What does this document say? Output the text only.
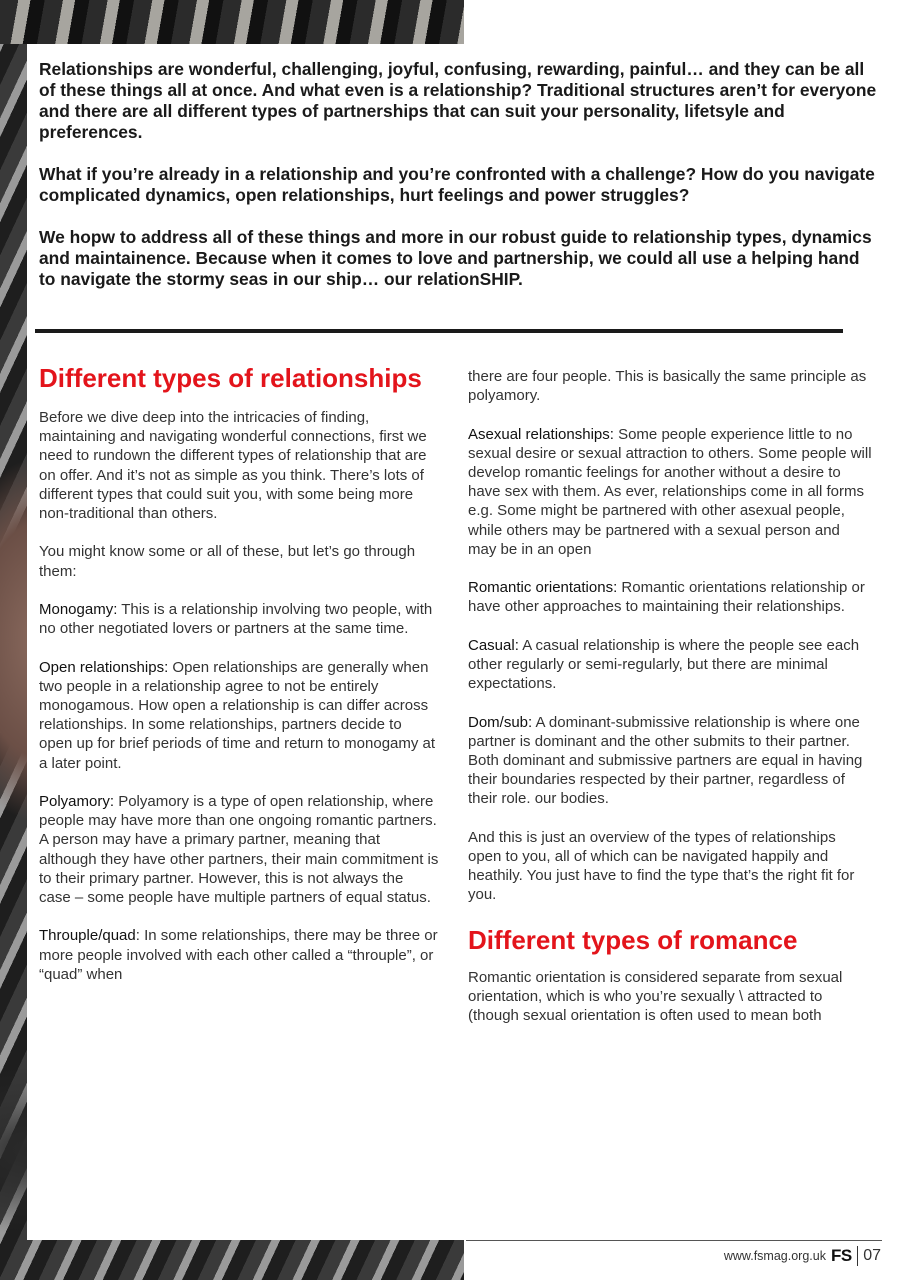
Relationships are wonderful, challenging, joyful, confusing, rewarding, painful… and they can be all of these things all at once. And what even is a relationship? Traditional structures aren’t for everyone and there are all different types of partnerships that can suit your personality, lifetsyle and preferences.

What if you’re already in a relationship and you’re confronted with a challenge? How do you navigate complicated dynamics, open relationships, hurt feelings and power struggles?

We hopw to address all of these things and more in our robust guide to relationship types, dynamics and maintainence. Because when it comes to love and partnership, we could all use a helping hand to navigate the stormy seas in our ship… our relationSHIP.

Different types of relationships

Before we dive deep into the intricacies of finding, maintaining and navigating wonderful connections, first we need to rundown the different types of relationship that are on offer. And it’s not as simple as you think. There’s lots of different types that could suit you, with some being more non-traditional than others.

You might know some or all of these, but let’s go through them:

Monogamy: This is a relationship involving two people, with no other negotiated lovers or partners at the same time.

Open relationships: Open relationships are generally when two people in a relationship agree to not be entirely monogamous. How open a relationship is can differ across relationships. In some relationships, partners decide to open up for brief periods of time and return to monogamy at a later point.

Polyamory: Polyamory is a type of open relationship, where people may have more than one ongoing romantic partners. A person may have a primary partner, meaning that although they have other partners, their main commitment is to their primary partner. However, this is not always the case – some people have multiple partners of equal status.

Throuple/quad: In some relationships, there may be three or more people involved with each other called a “throuple”, or “quad” when

there are four people. This is basically the same principle as polyamory.

Asexual relationships: Some people experience little to no sexual desire or sexual attraction to others. Some people will develop romantic feelings for another without a desire to have sex with them. As ever, relationships come in all forms e.g. Some might be partnered with other asexual people, while others may be partnered with a sexual person and may be in an open

Romantic orientations: Romantic orientations relationship or have other approaches to maintaining their relationships.

Casual: A casual relationship is where the people see each other regularly or semi-regularly, but there are minimal expectations.

Dom/sub: A dominant-submissive relationship is where one partner is dominant and the other submits to their partner. Both dominant and submissive partners are equal in having their boundaries respected by their partner, regardless of their role. our bodies.

And this is just an overview of the types of relationships open to you, all of which can be navigated happily and heathily. You just have to find the type that’s the right fit for you.

Different types of romance

Romantic orientation is considered separate from sexual orientation, which is who you’re sexually \ attracted to (though sexual orientation is often used to mean both

www.fsmag.org.uk FS 07
